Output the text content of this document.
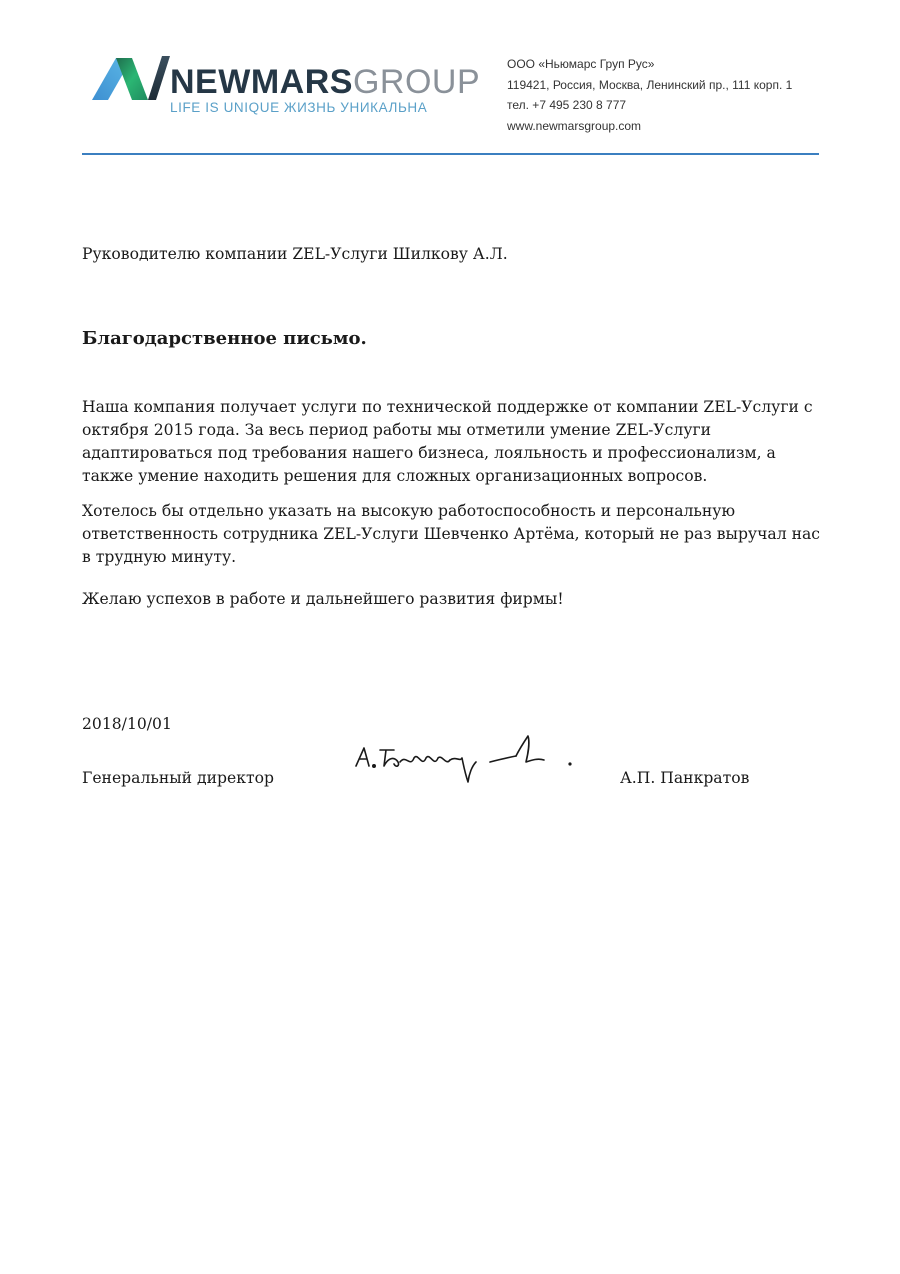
NEWMARSGROUP
LIFE IS UNIQUE ЖИЗНЬ УНИКАЛЬНА
ООО «Ньюмарс Груп Рус»
119421, Россия, Москва, Ленинский пр., 111 корп. 1
тел. +7 495 230 8 777
www.newmarsgroup.com
Руководителю компании ZEL-Услуги Шилкову А.Л.
Благодарственное письмо.
Наша компания получает услуги по технической поддержке от компании ZEL-Услуги с октября 2015 года. За весь период работы мы отметили умение ZEL-Услуги адаптироваться под требования нашего бизнеса, лояльность и профессионализм, а также умение находить решения для сложных организационных вопросов.
Хотелось бы отдельно указать на высокую работоспособность и персональную ответственность сотрудника ZEL-Услуги Шевченко Артёма, который не раз выручал нас в трудную минуту.
Желаю успехов в работе и дальнейшего развития фирмы!
2018/10/01
Генеральный директор	А.П. Панкратов
